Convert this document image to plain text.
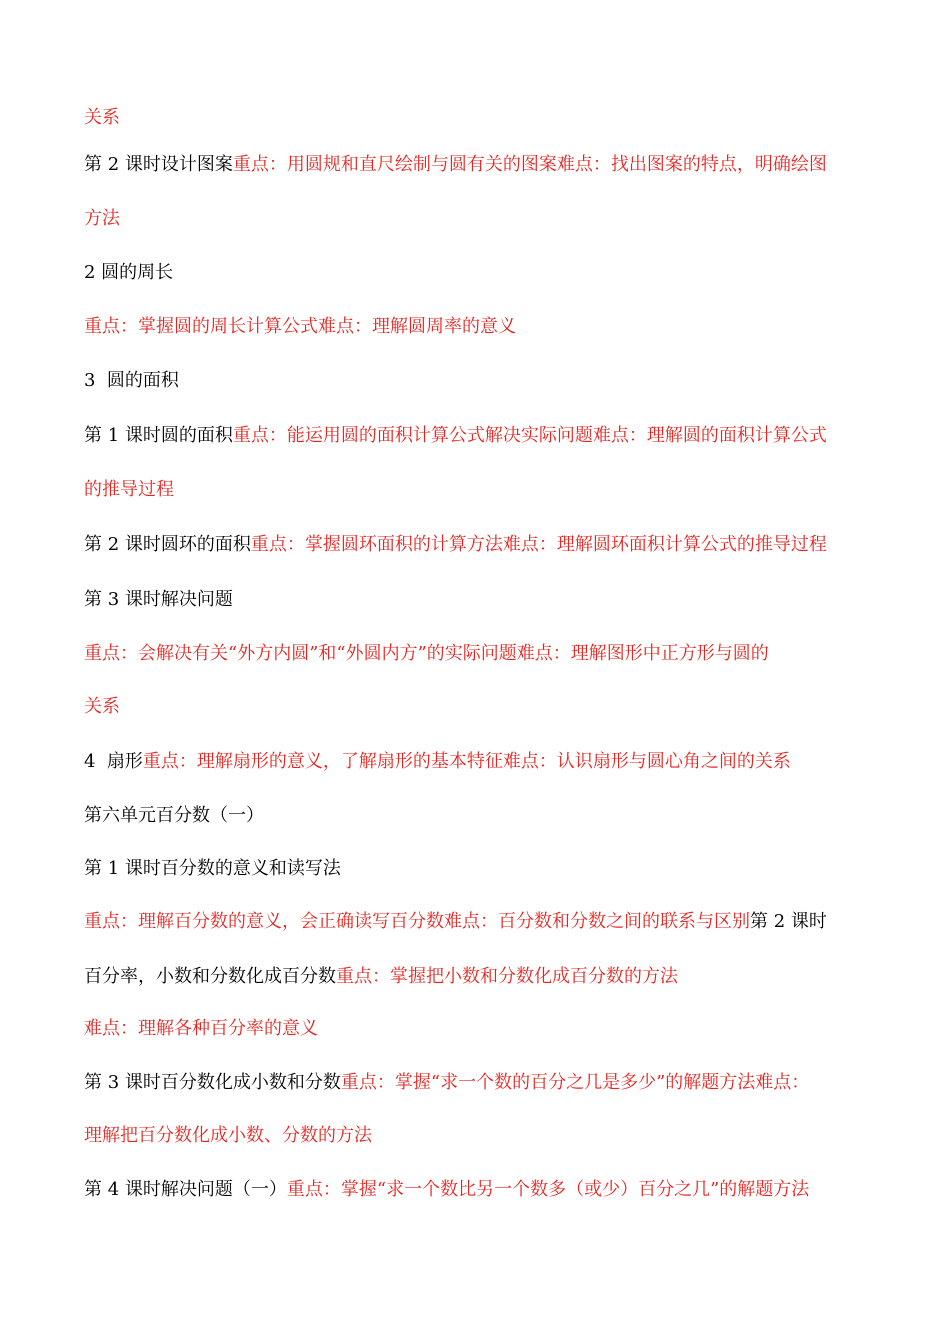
关系
第 2 课时设计图案重点：用圆规和直尺绘制与圆有关的图案难点：找出图案的特点，明确绘图
方法
2 圆的周长
重点：掌握圆的周长计算公式难点：理解圆周率的意义
3  圆的面积
第 1 课时圆的面积重点：能运用圆的面积计算公式解决实际问题难点：理解圆的面积计算公式
的推导过程
第 2 课时圆环的面积重点：掌握圆环面积的计算方法难点：理解圆环面积计算公式的推导过程
第 3 课时解决问题
重点：会解决有关“外方内圆”和“外圆内方”的实际问题难点：理解图形中正方形与圆的
关系
4  扇形重点：理解扇形的意义，了解扇形的基本特征难点：认识扇形与圆心角之间的关系
第六单元百分数（一）
第 1 课时百分数的意义和读写法
重点：理解百分数的意义，会正确读写百分数难点：百分数和分数之间的联系与区别第 2 课时
百分率，小数和分数化成百分数重点：掌握把小数和分数化成百分数的方法
难点：理解各种百分率的意义
第 3 课时百分数化成小数和分数重点：掌握“求一个数的百分之几是多少”的解题方法难点：
理解把百分数化成小数、分数的方法
第 4 课时解决问题（一）重点：掌握“求一个数比另一个数多（或少）百分之几”的解题方法
